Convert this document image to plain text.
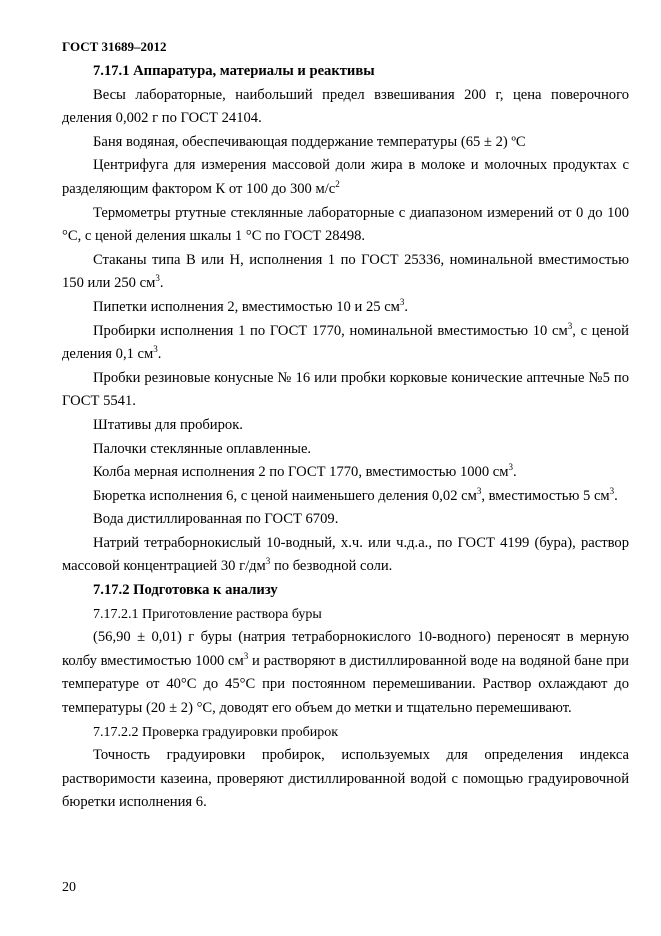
ГОСТ 31689–2012

7.17.1 Аппаратура, материалы и реактивы

Весы лабораторные, наибольший предел взвешивания 200 г, цена поверочного деления 0,002 г по ГОСТ 24104.

Баня водяная, обеспечивающая поддержание температуры (65 ± 2) ºС

Центрифуга для измерения массовой доли жира в молоке и молочных продуктах с разделяющим фактором К от 100 до 300 $м/с^2$

Термометры ртутные стеклянные лабораторные с диапазоном измерений от 0 до 100 °С, с ценой деления шкалы 1 °С по ГОСТ 28498.

Стаканы типа В или Н, исполнения 1 по ГОСТ 25336, номинальной вместимостью 150 или 250 $см^3$.

Пипетки исполнения 2, вместимостью 10 и 25 $см^3$.

Пробирки исполнения 1 по ГОСТ 1770, номинальной вместимостью 10 $см^3$, с ценой деления 0,1 $см^3$.

Пробки резиновые конусные № 16 или пробки корковые конические аптечные №5 по ГОСТ 5541.

Штативы для пробирок.

Палочки стеклянные оплавленные.

Колба мерная исполнения 2 по ГОСТ 1770, вместимостью 1000 $см^3$.

Бюретка исполнения 6, с ценой наименьшего деления 0,02 $см^3$, вместимостью 5 $см^3$.

Вода дистиллированная по ГОСТ 6709.

Натрий тетраборнокислый 10-водный, х.ч. или ч.д.а., по ГОСТ 4199 (бура), раствор массовой концентрацией 30 $г/дм^3$ по безводной соли.

7.17.2 Подготовка к анализу

7.17.2.1 Приготовление раствора буры

(56,90 ± 0,01) г буры (натрия тетраборнокислого 10-водного) переносят в мерную колбу вместимостью 1000 $см^3$ и растворяют в дистиллированной воде на водяной бане при температуре от 40°С до 45°С при постоянном перемешивании. Раствор охлаждают до температуры (20 ± 2) °С, доводят его объем до метки и тщательно перемешивают.

7.17.2.2 Проверка градуировки пробирок

Точность градуировки пробирок, используемых для определения индекса растворимости казеина, проверяют дистиллированной водой с помощью градуировочной бюретки исполнения 6.

20
